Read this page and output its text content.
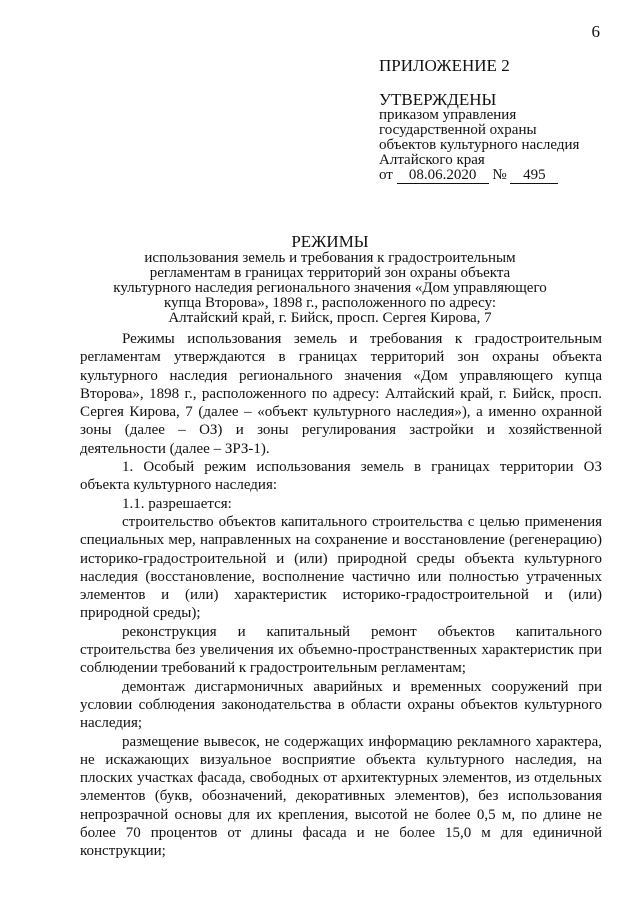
6
ПРИЛОЖЕНИЕ 2
УТВЕРЖДЕНЫ
приказом управления
государственной охраны
объектов культурного наследия
Алтайского края
от 08.06.2020 № 495
РЕЖИМЫ
использования земель и требования к градостроительным
регламентам в границах территорий зон охраны объекта
культурного наследия регионального значения «Дом управляющего
купца Второва», 1898 г., расположенного по адресу:
Алтайский край, г. Бийск, просп. Сергея Кирова, 7

Режимы использования земель и требования к градостроительным регламентам утверждаются в границах территорий зон охраны объекта культурного наследия регионального значения «Дом управляющего купца Второва», 1898 г., расположенного по адресу: Алтайский край, г. Бийск, просп. Сергея Кирова, 7 (далее – «объект культурного наследия»), а именно охранной зоны (далее – ОЗ) и зоны регулирования застройки и хозяйственной деятельности (далее – ЗРЗ-1).

1. Особый режим использования земель в границах территории ОЗ объекта культурного наследия:

1.1. разрешается:

строительство объектов капитального строительства с целью применения специальных мер, направленных на сохранение и восстановление (регенерацию) историко-градостроительной и (или) природной среды объекта культурного наследия (восстановление, восполнение частично или полностью утраченных элементов и (или) характеристик историко-градостроительной и (или) природной среды);

реконструкция и капитальный ремонт объектов капитального строительства без увеличения их объемно-пространственных характеристик при соблюдении требований к градостроительным регламентам;

демонтаж дисгармоничных аварийных и временных сооружений при условии соблюдения законодательства в области охраны объектов культурного наследия;

размещение вывесок, не содержащих информацию рекламного характера, не искажающих визуальное восприятие объекта культурного наследия, на плоских участках фасада, свободных от архитектурных элементов, из отдельных элементов (букв, обозначений, декоративных элементов), без использования непрозрачной основы для их крепления, высотой не более 0,5 м, по длине не более 70 процентов от длины фасада и не более 15,0 м для единичной конструкции;
